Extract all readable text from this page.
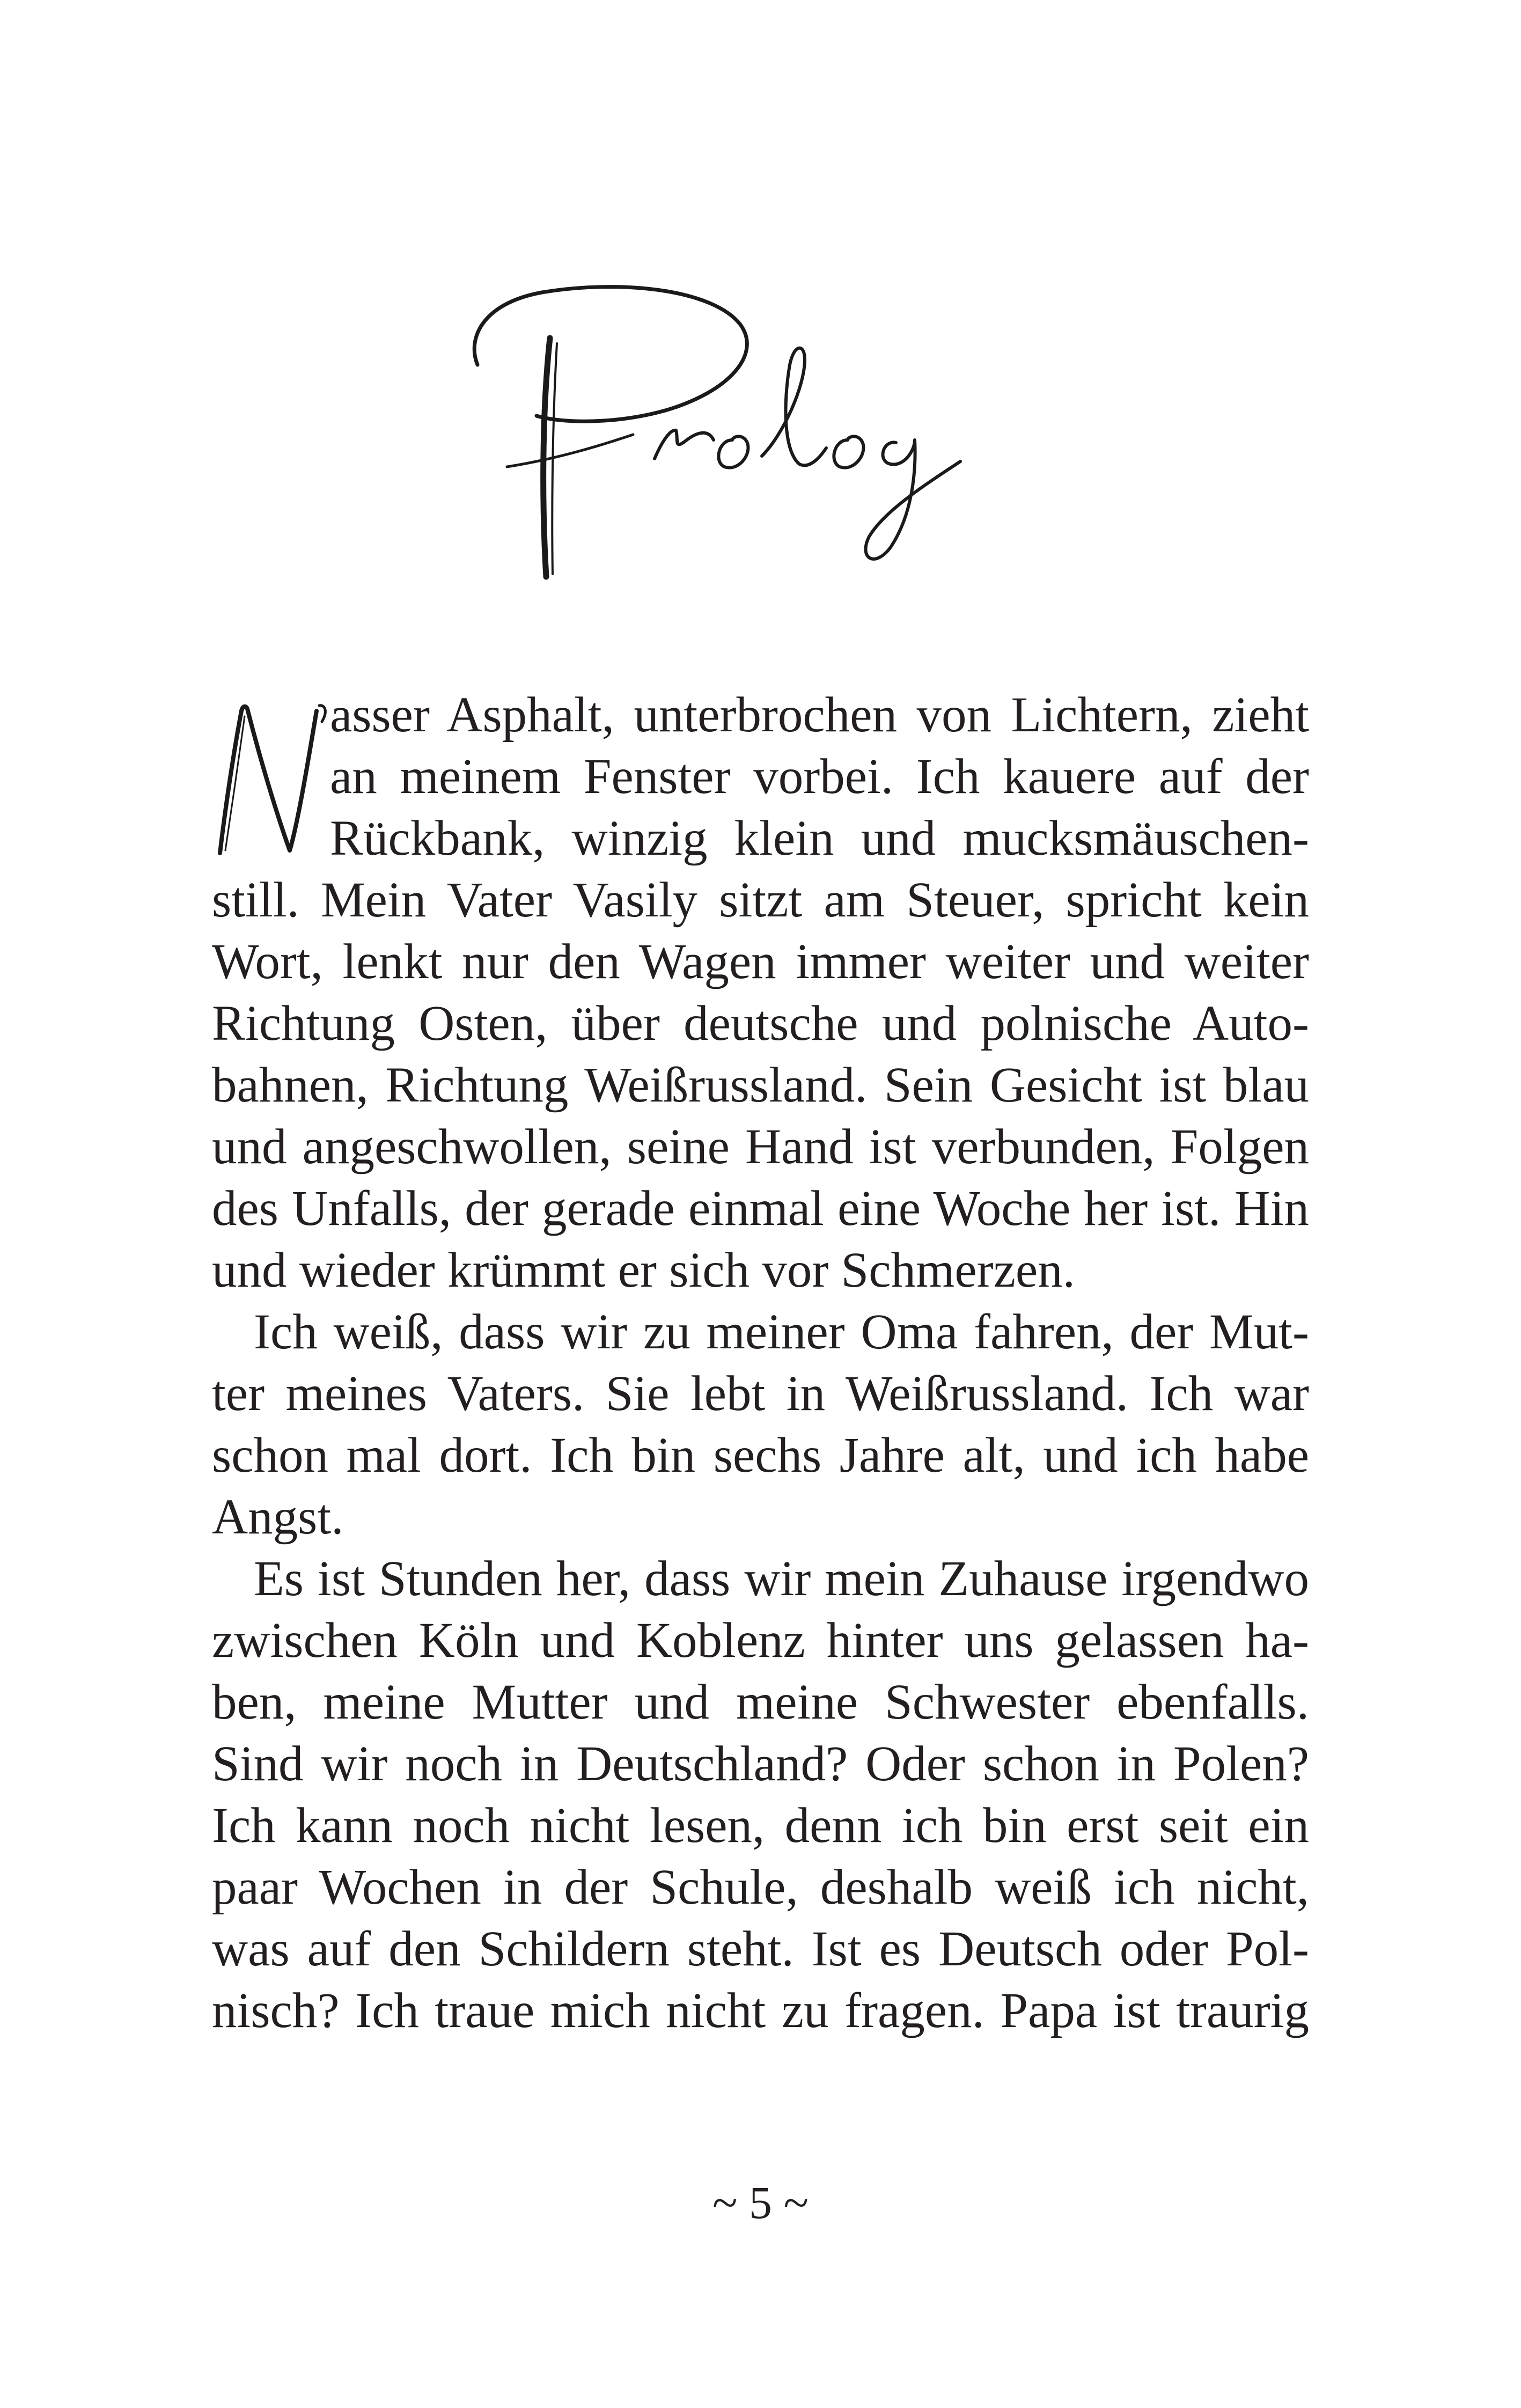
asser Asphalt, unterbrochen von Lichtern, zieht
an meinem Fenster vorbei. Ich kauere auf der
Rückbank, winzig klein und mucksmäuschen-
still. Mein Vater Vasily sitzt am Steuer, spricht kein
Wort, lenkt nur den Wagen immer weiter und weiter
Richtung Osten, über deutsche und polnische Auto-
bahnen, Richtung Weißrussland. Sein Gesicht ist blau
und angeschwollen, seine Hand ist verbunden, Folgen
des Unfalls, der gerade einmal eine Woche her ist. Hin
und wieder krümmt er sich vor Schmerzen.
Ich weiß, dass wir zu meiner Oma fahren, der Mut-
ter meines Vaters. Sie lebt in Weißrussland. Ich war
schon mal dort. Ich bin sechs Jahre alt, und ich habe
Angst.
Es ist Stunden her, dass wir mein Zuhause irgendwo
zwischen Köln und Koblenz hinter uns gelassen ha-
ben, meine Mutter und meine Schwester ebenfalls.
Sind wir noch in Deutschland? Oder schon in Polen?
Ich kann noch nicht lesen, denn ich bin erst seit ein
paar Wochen in der Schule, deshalb weiß ich nicht,
was auf den Schildern steht. Ist es Deutsch oder Pol-
nisch? Ich traue mich nicht zu fragen. Papa ist traurig
~ 5 ~
